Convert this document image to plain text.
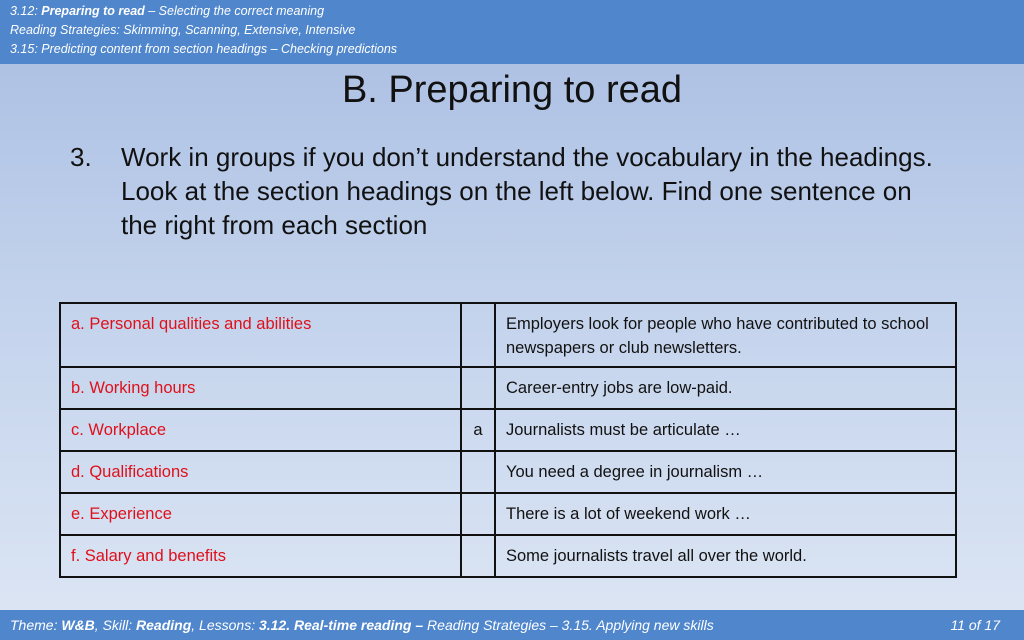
3.12: Preparing to read – Selecting the correct meaning
Reading Strategies: Skimming, Scanning, Extensive, Intensive
3.15: Predicting content from section headings – Checking predictions
B. Preparing to read
3. Work in groups if you don’t understand the vocabulary in the headings. Look at the section headings on the left below. Find one sentence on the right from each section
a. Personal qualities and abilities		Employers look for people who have contributed to school newspapers or club newsletters.
b. Working hours		Career-entry jobs are low-paid.
c. Workplace	a	Journalists must be articulate …
d. Qualifications		You need a degree in journalism …
e. Experience		There is a lot of weekend work …
f. Salary and benefits		Some journalists travel all over the world.
Theme: W&B, Skill: Reading, Lessons: 3.12. Real-time reading – Reading Strategies – 3.15. Applying new skills	11 of 17
